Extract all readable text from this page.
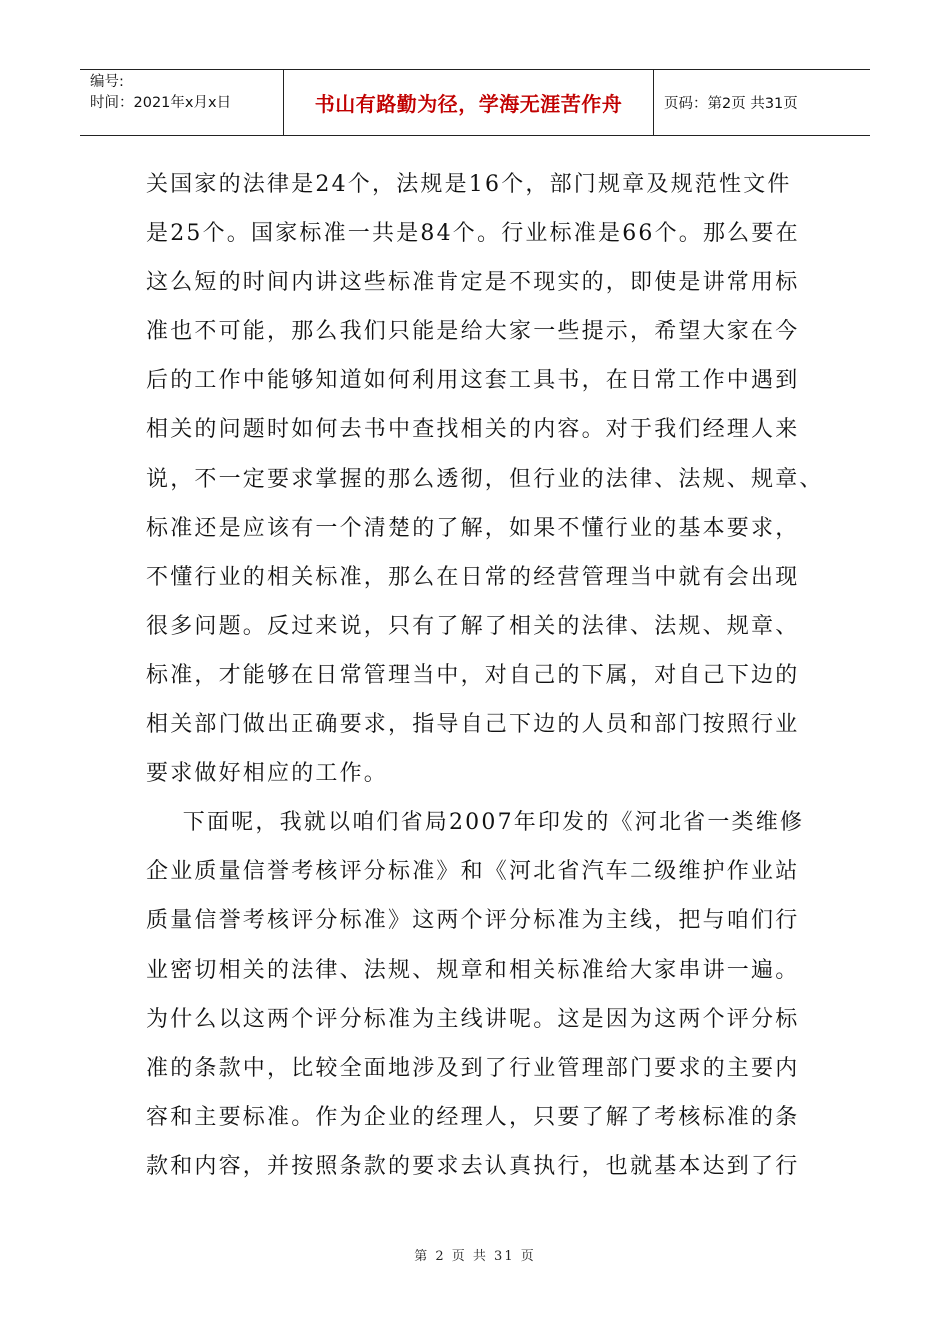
编号:
时间：2021年x月x日	书山有路勤为径，学海无涯苦作舟	页码：第2页 共31页
关国家的法律是24个，法规是16个，部门规章及规范性文件
是25个。国家标准一共是84个。行业标准是66个。那么要在
这么短的时间内讲这些标准肯定是不现实的，即使是讲常用标
准也不可能，那么我们只能是给大家一些提示，希望大家在今
后的工作中能够知道如何利用这套工具书，在日常工作中遇到
相关的问题时如何去书中查找相关的内容。对于我们经理人来
说，不一定要求掌握的那么透彻，但行业的法律、法规、规章、
标准还是应该有一个清楚的了解，如果不懂行业的基本要求，
不懂行业的相关标准，那么在日常的经营管理当中就有会出现
很多问题。反过来说，只有了解了相关的法律、法规、规章、
标准，才能够在日常管理当中，对自己的下属，对自己下边的
相关部门做出正确要求，指导自己下边的人员和部门按照行业
要求做好相应的工作。
下面呢，我就以咱们省局2007年印发的《河北省一类维修
企业质量信誉考核评分标准》和《河北省汽车二级维护作业站
质量信誉考核评分标准》这两个评分标准为主线，把与咱们行
业密切相关的法律、法规、规章和相关标准给大家串讲一遍。
为什么以这两个评分标准为主线讲呢。这是因为这两个评分标
准的条款中，比较全面地涉及到了行业管理部门要求的主要内
容和主要标准。作为企业的经理人，只要了解了考核标准的条
款和内容，并按照条款的要求去认真执行，也就基本达到了行
第 2 页 共 31 页
